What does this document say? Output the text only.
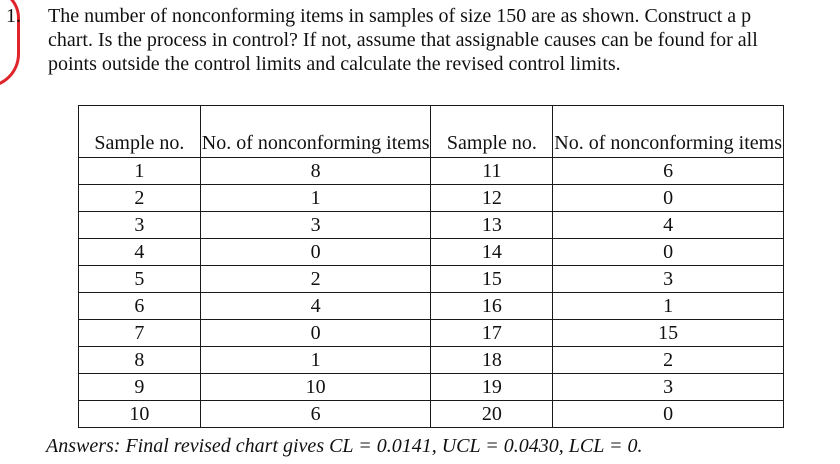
1. The number of nonconforming items in samples of size 150 are as shown. Construct a p
chart. Is the process in control? If not, assume that assignable causes can be found for all
points outside the control limits and calculate the revised control limits.
Sample no.	No. of nonconforming items	Sample no.	No. of nonconforming items
1	8	11	6
2	1	12	0
3	3	13	4
4	0	14	0
5	2	15	3
6	4	16	1
7	0	17	15
8	1	18	2
9	10	19	3
10	6	20	0
Answers: Final revised chart gives CL = 0.0141, UCL = 0.0430, LCL = 0.
